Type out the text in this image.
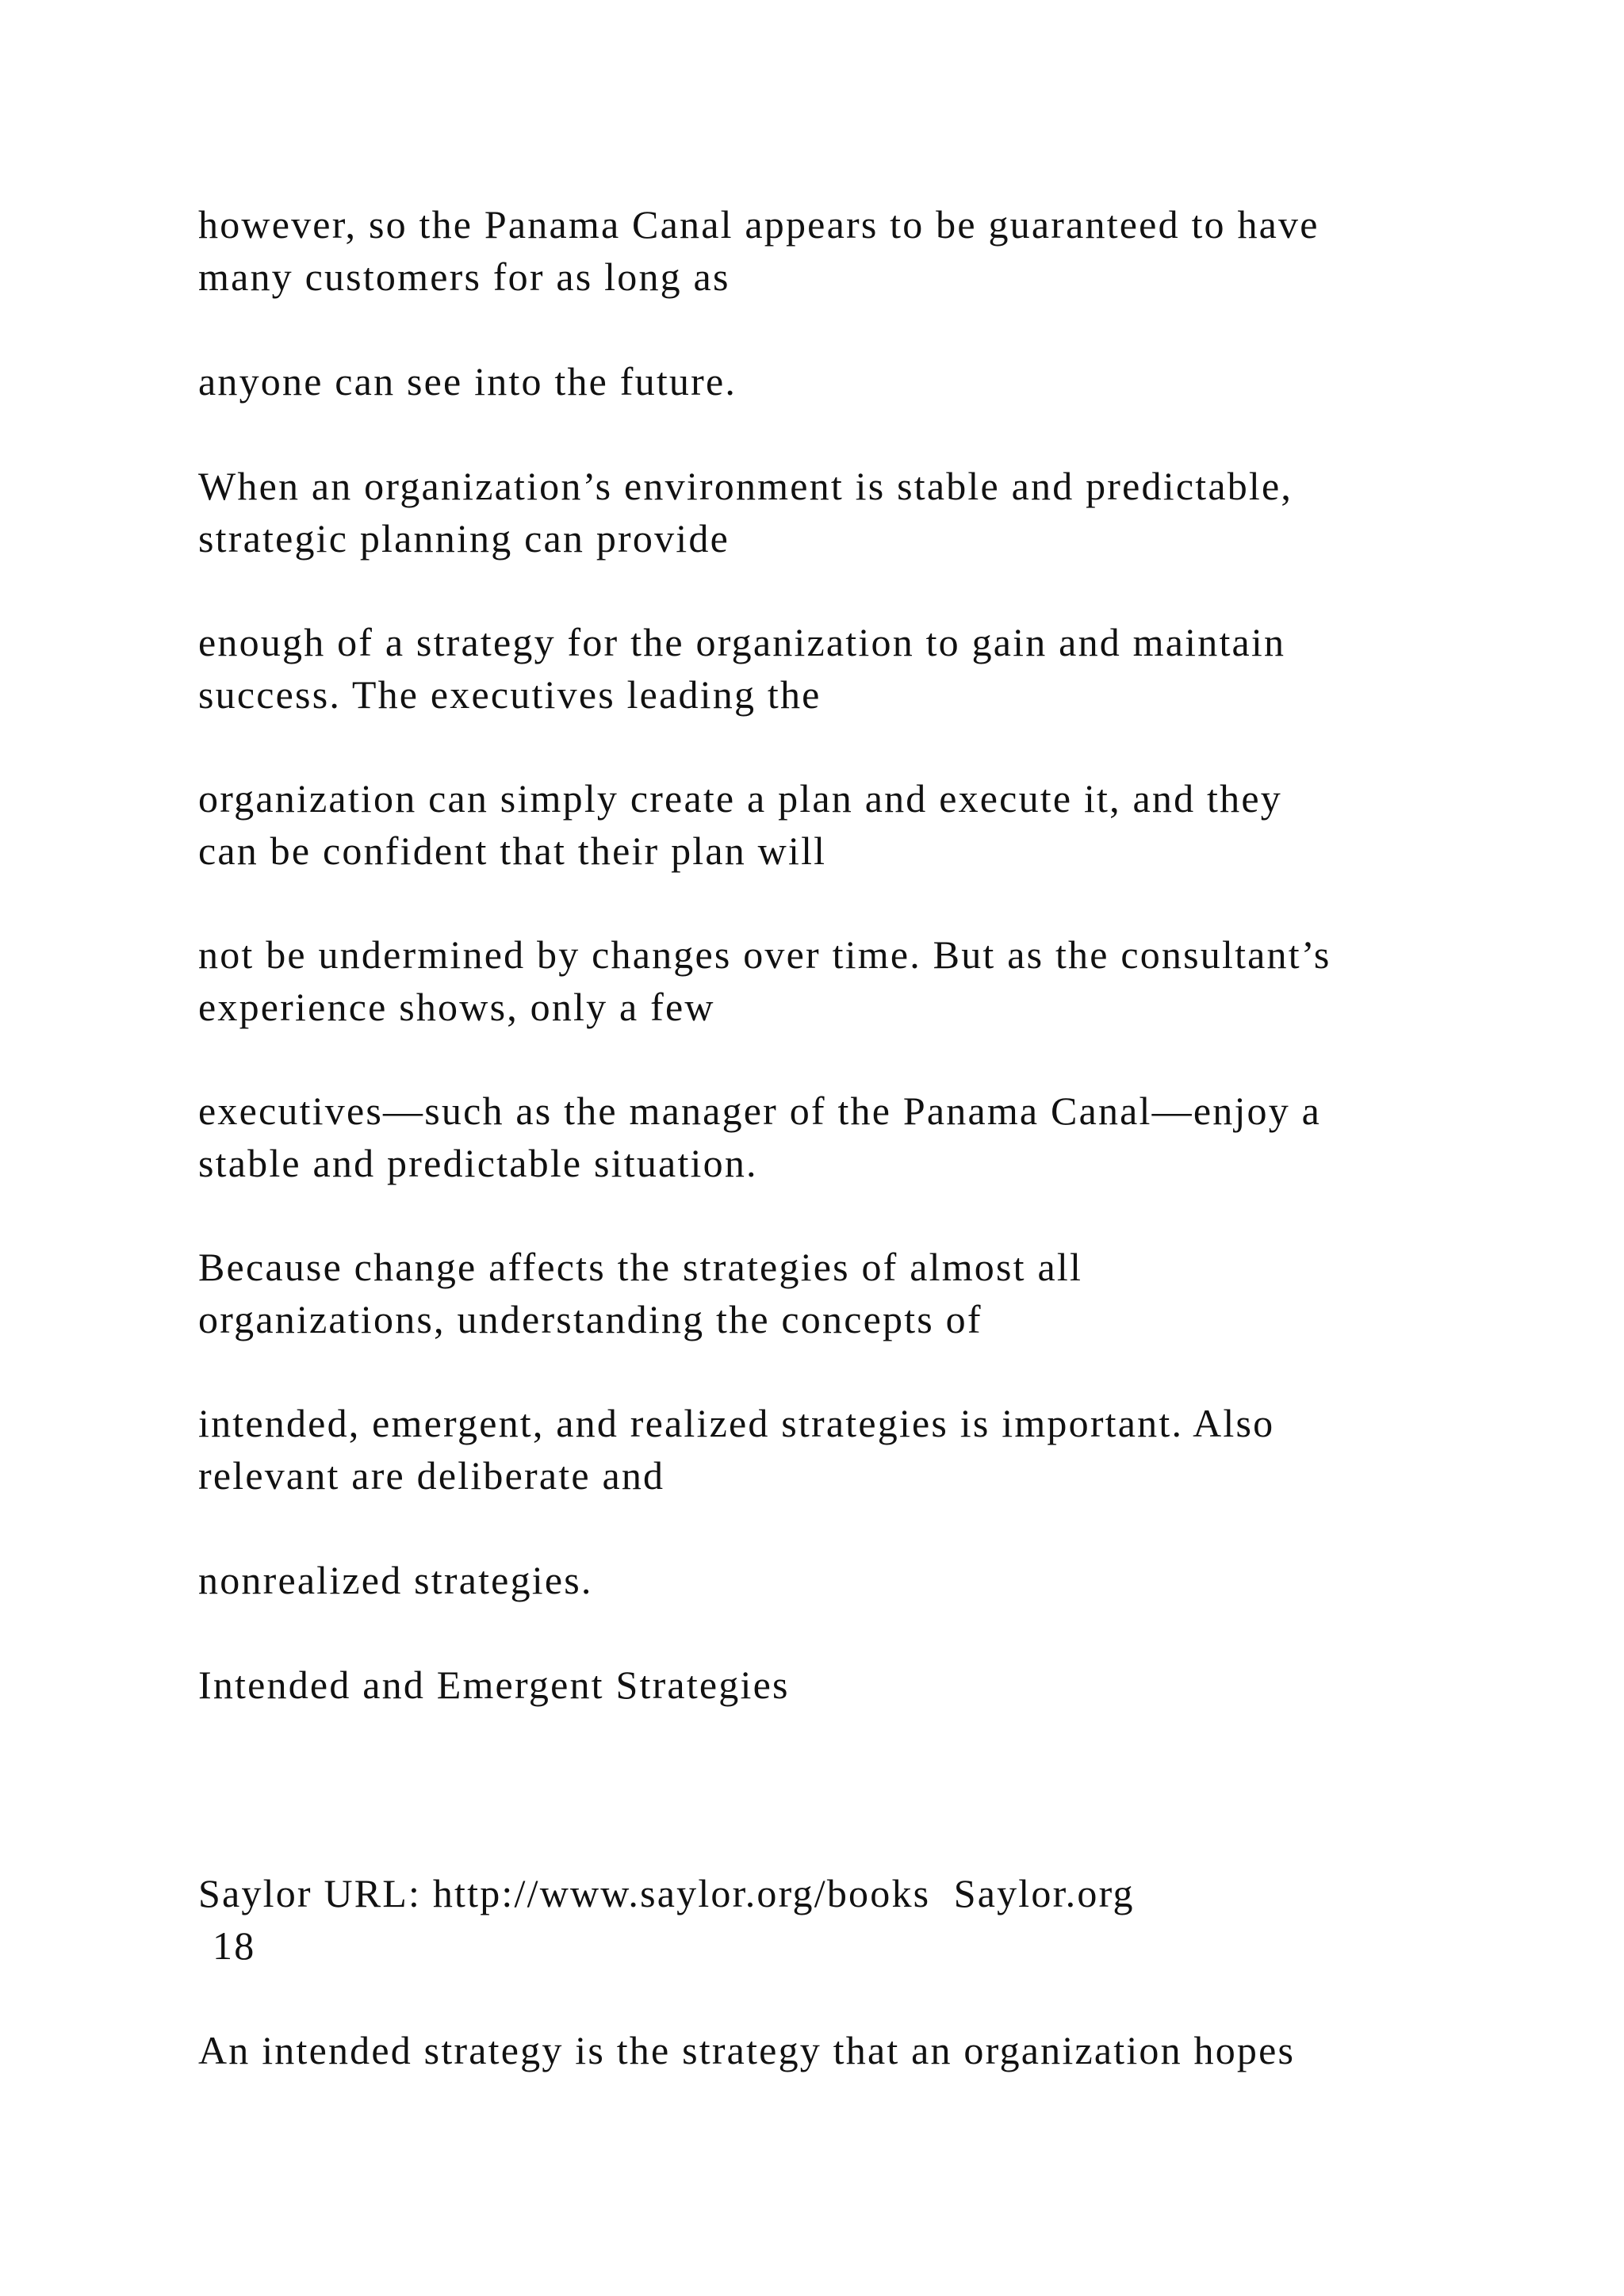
however, so the Panama Canal appears to be guaranteed to have
many customers for as long as
anyone can see into the future.
When an organization’s environment is stable and predictable,
strategic planning can provide
enough of a strategy for the organization to gain and maintain
success. The executives leading the
organization can simply create a plan and execute it, and they
can be confident that their plan will
not be undermined by changes over time. But as the consultant’s
experience shows, only a few
executives—such as the manager of the Panama Canal—enjoy a
stable and predictable situation.
Because change affects the strategies of almost all
organizations, understanding the concepts of
intended, emergent, and realized strategies is important. Also
relevant are deliberate and
nonrealized strategies.
Intended and Emergent Strategies
Saylor URL: http://www.saylor.org/books  Saylor.org
18
An intended strategy is the strategy that an organization hopes
